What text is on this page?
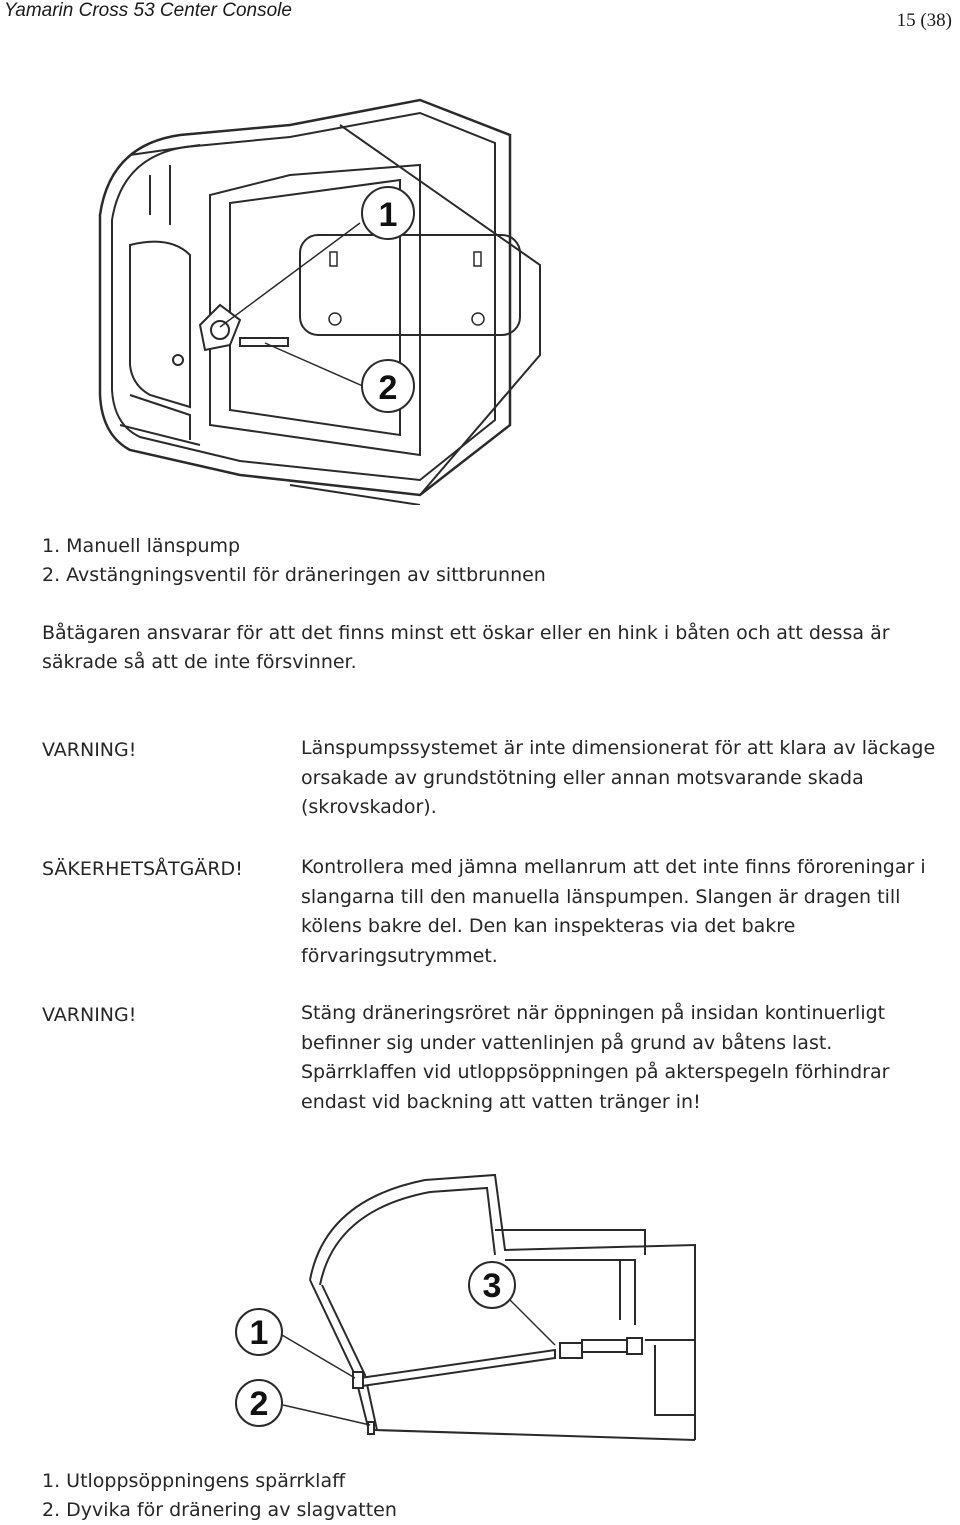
Yamarin Cross 53 Center Console	15 (38)
1
2
1. Manuell länspump
2. Avstängningsventil för dräneringen av sittbrunnen
Båtägaren ansvarar för att det finns minst ett öskar eller en hink i båten och att dessa är
säkrade så att de inte försvinner.
VARNING!	Länspumpssystemet är inte dimensionerat för att klara av läckage
orsakade av grundstötning eller annan motsvarande skada
(skrovskador).
SÄKERHETSÅTGÄRD!	Kontrollera med jämna mellanrum att det inte finns föroreningar i
slangarna till den manuella länspumpen. Slangen är dragen till
kölens bakre del. Den kan inspekteras via det bakre
förvaringsutrymmet.
VARNING!	Stäng dräneringsröret när öppningen på insidan kontinuerligt
befinner sig under vattenlinjen på grund av båtens last.
Spärrklaffen vid utloppsöppningen på akterspegeln förhindrar
endast vid backning att vatten tränger in!
1
2
3
1. Utloppsöppningens spärrklaff
2. Dyvika för dränering av slagvatten
